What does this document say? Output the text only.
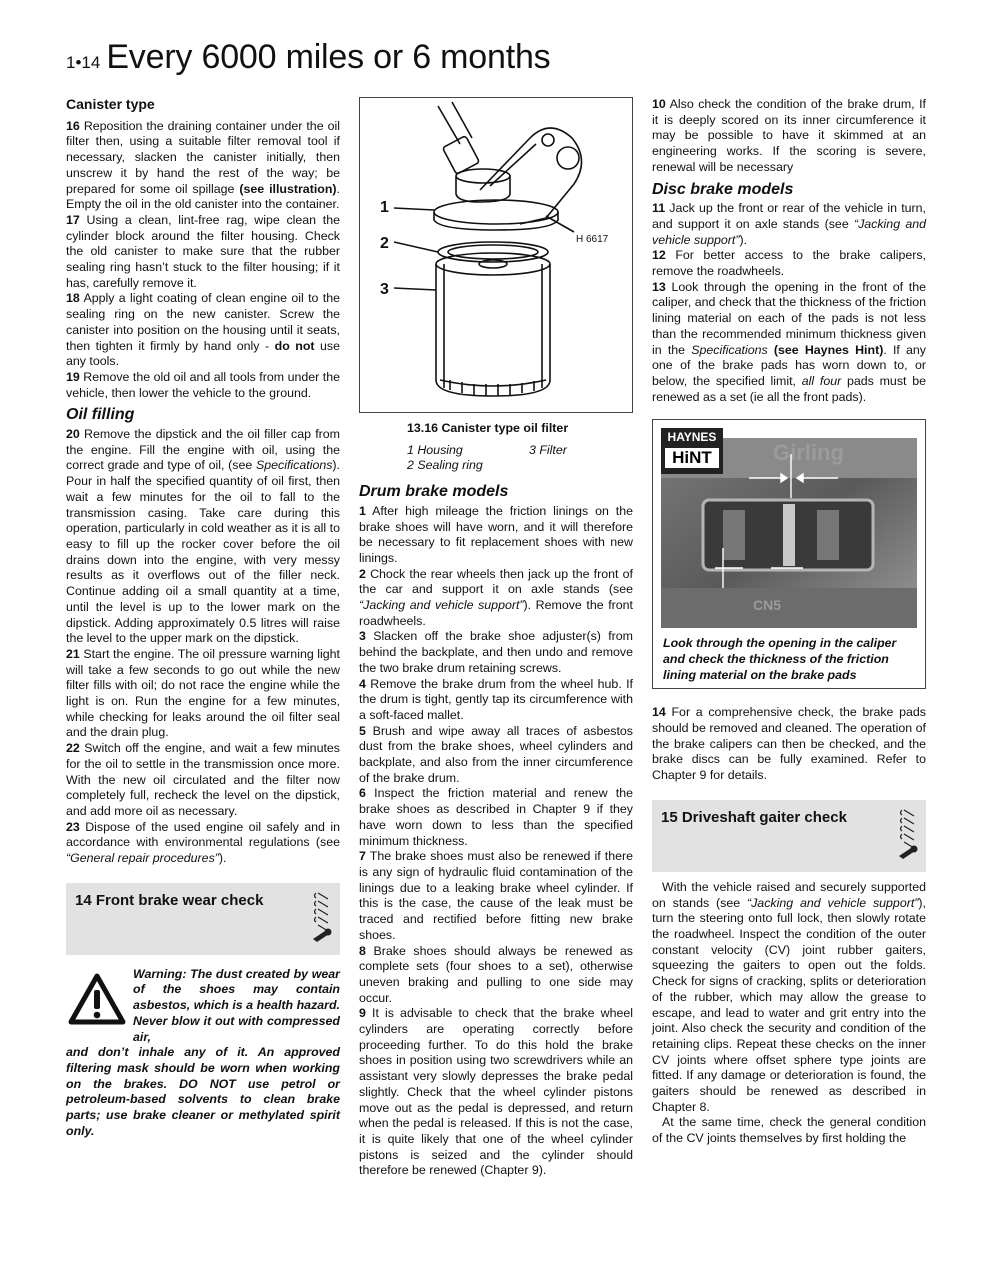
1•14 Every 6000 miles or 6 months
Canister type

16 Reposition the draining container under the oil filter then, using a suitable filter removal tool if necessary, slacken the canister initially, then unscrew it by hand the rest of the way; be prepared for some oil spillage (see illustration). Empty the oil in the old canister into the container.

17 Using a clean, lint-free rag, wipe clean the cylinder block around the filter housing. Check the old canister to make sure that the rubber sealing ring hasn’t stuck to the filter housing; if it has, carefully remove it.

18 Apply a light coating of clean engine oil to the sealing ring on the new canister. Screw the canister into position on the housing until it seats, then tighten it firmly by hand only - do not use any tools.

19 Remove the old oil and all tools from under the vehicle, then lower the vehicle to the ground.

Oil filling

20 Remove the dipstick and the oil filler cap from the engine. Fill the engine with oil, using the correct grade and type of oil, (see Specifications). Pour in half the specified quantity of oil first, then wait a few minutes for the oil to fall to the transmission casing. Take care during this operation, particularly in cold weather as it is all to easy to fill up the rocker cover before the oil drains down into the engine, with very messy results as it overflows out of the filler neck. Continue adding oil a small quantity at a time, until the level is up to the lower mark on the dipstick. Adding approximately 0.5 litres will raise the level to the upper mark on the dipstick.

21 Start the engine. The oil pressure warning light will take a few seconds to go out while the new filter fills with oil; do not race the engine while the light is on. Run the engine for a few minutes, while checking for leaks around the oil filter seal and the drain plug.

22 Switch off the engine, and wait a few minutes for the oil to settle in the transmission once more. With the new oil circulated and the filter now completely full, recheck the level on the dipstick, and add more oil as necessary.

23 Dispose of the used engine oil safely and in accordance with environmental regulations (see “General repair procedures”).

14 Front brake wear check
Warning: The dust created by wear of the shoes may contain asbestos, which is a health hazard. Never blow it out with compressed air,
and don’t inhale any of it. An approved filtering mask should be worn when working on the brakes. DO NOT use petrol or petroleum-based solvents to clean brake parts; use brake cleaner or methylated spirit only.
1
2
3
H 6617
13.16 Canister type oil filter
1 Housing	3 Filter
2 Sealing ring
Drum brake models

1 After high mileage the friction linings on the brake shoes will have worn, and it will therefore be necessary to fit replacement shoes with new linings.

2 Chock the rear wheels then jack up the front of the car and support it on axle stands (see “Jacking and vehicle support”). Remove the front roadwheels.

3 Slacken off the brake shoe adjuster(s) from behind the backplate, and then undo and remove the two brake drum retaining screws.

4 Remove the brake drum from the wheel hub. If the drum is tight, gently tap its circumference with a soft-faced mallet.

5 Brush and wipe away all traces of asbestos dust from the brake shoes, wheel cylinders and backplate, and also from the inner circumference of the brake drum.

6 Inspect the friction material and renew the brake shoes as described in Chapter 9 if they have worn down to less than the specified minimum thickness.

7 The brake shoes must also be renewed if there is any sign of hydraulic fluid contamination of the linings due to a leaking brake wheel cylinder. If this is the case, the cause of the leak must be traced and rectified before fitting new brake shoes.

8 Brake shoes should always be renewed as complete sets (four shoes to a set), otherwise uneven braking and pulling to one side may occur.

9 It is advisable to check that the brake wheel cylinders are operating correctly before proceeding further. To do this hold the brake shoes in position using two screwdrivers while an assistant very slowly depresses the brake pedal slightly. Check that the wheel cylinder pistons move out as the pedal is depressed, and return when the pedal is released. If this is not the case, it is quite likely that one of the wheel cylinder pistons is seized and the cylinder should therefore be renewed (Chapter 9).

10 Also check the condition of the brake drum, If it is deeply scored on its inner circumference it may be possible to have it skimmed at an engineering works. If the scoring is severe, renewal will be necessary

Disc brake models

11 Jack up the front or rear of the vehicle in turn, and support it on axle stands (see “Jacking and vehicle support”).

12 For better access to the brake calipers, remove the roadwheels.

13 Look through the opening in the front of the caliper, and check that the thickness of the friction lining material on each of the pads is not less than the recommended minimum thickness given in the Specifications (see Haynes Hint). If any one of the brake pads has worn down to, or below, the specified limit, all four pads must be renewed as a set (ie all the front pads).

Girling
CN5
HAYNES
HiNT
Look through the opening in the caliper and check the thickness of the friction lining material on the brake pads

14 For a comprehensive check, the brake pads should be removed and cleaned. The operation of the brake calipers can then be checked, and the brake discs can be fully examined. Refer to Chapter 9 for details.

15 Driveshaft gaiter check

With the vehicle raised and securely supported on stands (see “Jacking and vehicle support”), turn the steering onto full lock, then slowly rotate the roadwheel. Inspect the condition of the outer constant velocity (CV) joint rubber gaiters, squeezing the gaiters to open out the folds. Check for signs of cracking, splits or deterioration of the rubber, which may allow the grease to escape, and lead to water and grit entry into the joint. Also check the security and condition of the retaining clips. Repeat these checks on the inner CV joints where offset sphere type joints are fitted. If any damage or deterioration is found, the gaiters should be renewed as described in Chapter 8.

At the same time, check the general condition of the CV joints themselves by first holding the
